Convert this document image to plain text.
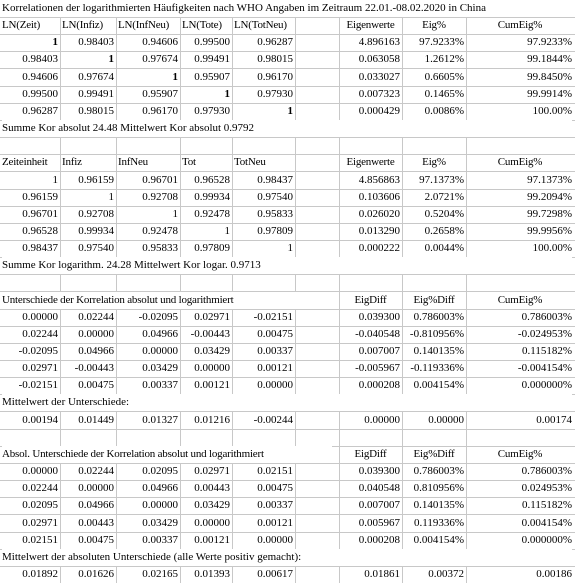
Korrelationen der logarithmierten Häufigkeiten nach WHO Angaben im Zeitraum 22.01.-08.02.2020 in China
LN(Zeit)	LN(Infiz)	LN(InfNeu)	LN(Tote)	LN(TotNeu)	Eigenwerte	Eig%	CumEig%
1	0.98403	0.94606	0.99500	0.96287	4.896163	97.9233%	97.9233%
0.98403	1	0.97674	0.99491	0.98015	0.063058	1.2612%	99.1844%
0.94606	0.97674	1	0.95907	0.96170	0.033027	0.6605%	99.8450%
0.99500	0.99491	0.95907	1	0.97930	0.007323	0.1465%	99.9914%
0.96287	0.98015	0.96170	0.97930	1	0.000429	0.0086%	100.00%
Summe Kor absolut 24.48 Mittelwert Kor absolut 0.9792
Zeiteinheit	Infiz	InfNeu	Tot	TotNeu	Eigenwerte	Eig%	CumEig%
1	0.96159	0.96701	0.96528	0.98437	4.856863	97.1373%	97.1373%
0.96159	1	0.92708	0.99934	0.97540	0.103606	2.0721%	99.2094%
0.96701	0.92708	1	0.92478	0.95833	0.026020	0.5204%	99.7298%
0.96528	0.99934	0.92478	1	0.97809	0.013290	0.2658%	99.9956%
0.98437	0.97540	0.95833	0.97809	1	0.000222	0.0044%	100.00%
Summe Kor logarithm. 24.28 Mittelwert Kor logar. 0.9713
Unterschiede der Korrelation absolut und logarithmiert	EigDiff	Eig%Diff	CumEig%
0.00000	0.02244	-0.02095	0.02971	-0.02151	0.039300	0.786003%	0.786003%
0.02244	0.00000	0.04966	-0.00443	0.00475	-0.040548 -0.810956%	-0.024953%
-0.02095	0.04966	0.00000	0.03429	0.00337	0.007007	0.140135%	0.115182%
0.02971	-0.00443	0.03429	0.00000	0.00121	-0.005967 -0.119336%	-0.004154%
-0.02151	0.00475	0.00337	0.00121	0.00000	0.000208	0.004154%	0.000000%
Mittelwert der Unterschiede:
0.00194	0.01449	0.01327	0.01216	-0.00244	0.00000	0.00000	0.00174
Absol. Unterschiede der Korrelation absolut und logarithmiert	EigDiff	Eig%Diff	CumEig%
0.00000	0.02244	0.02095	0.02971	0.02151	0.039300	0.786003%	0.786003%
0.02244	0.00000	0.04966	0.00443	0.00475	0.040548	0.810956%	0.024953%
0.02095	0.04966	0.00000	0.03429	0.00337	0.007007	0.140135%	0.115182%
0.02971	0.00443	0.03429	0.00000	0.00121	0.005967	0.119336%	0.004154%
0.02151	0.00475	0.00337	0.00121	0.00000	0.000208	0.004154%	0.000000%
Mittelwert der absoluten Unterschiede (alle Werte positiv gemacht):
0.01892	0.01626	0.02165	0.01393	0.00617	0.01861	0.00372	0.00186
